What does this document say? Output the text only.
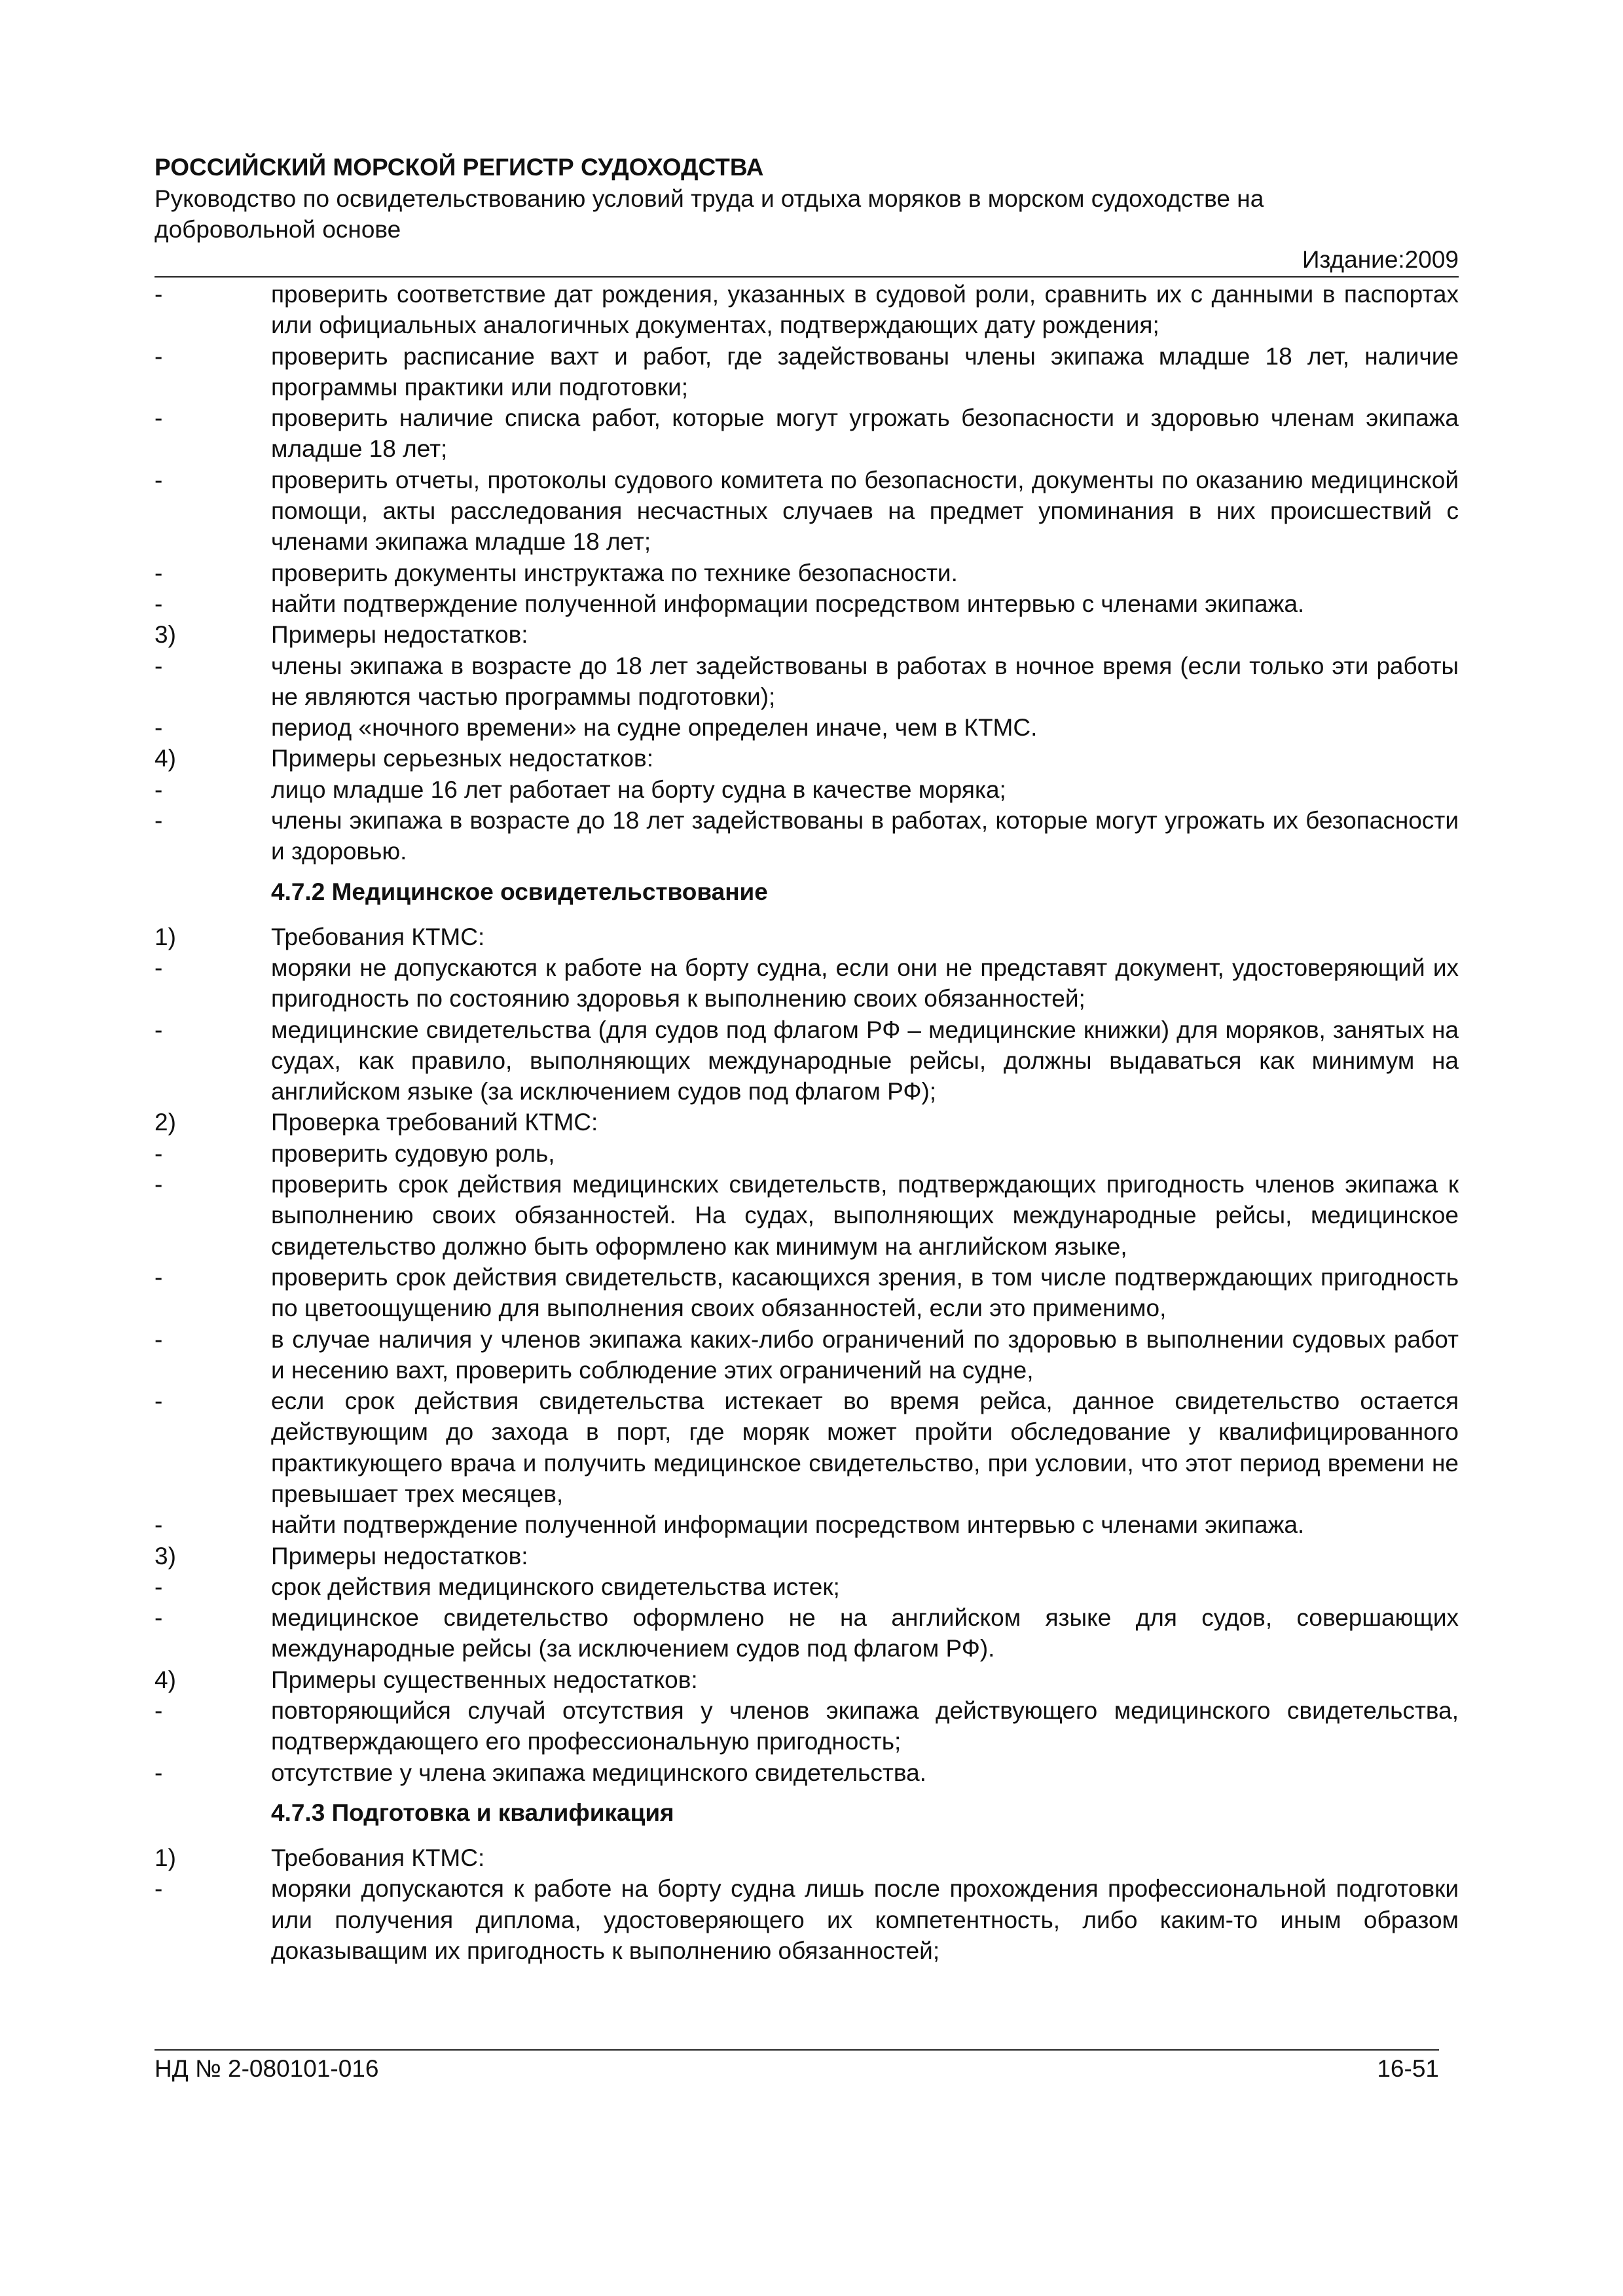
РОССИЙСКИЙ МОРСКОЙ РЕГИСТР СУДОХОДСТВА

Руководство по освидетельствованию условий труда и отдыха моряков в морском судоходстве на

добровольной основе

Издание:2009

-	проверить соответствие дат рождения, указанных в судовой роли, сравнить их с данными в паспортах или официальных аналогичных документах, подтверждающих дату рождения;
-	проверить расписание вахт и работ, где задействованы члены экипажа младше 18 лет, наличие программы практики или подготовки;
-	проверить наличие списка работ, которые могут угрожать безопасности и здоровью членам экипажа младше 18 лет;
-	проверить отчеты, протоколы судового комитета по безопасности, документы по оказанию медицинской помощи, акты расследования несчастных случаев на предмет упоминания в них происшествий с членами экипажа младше 18 лет;
-	проверить документы инструктажа по технике безопасности.
-	найти подтверждение полученной информации посредством интервью с членами экипажа.
3)	Примеры недостатков:
-	члены экипажа в возрасте до 18 лет задействованы в работах в ночное время (если только эти работы не являются частью программы подготовки);
-	период «ночного времени» на судне определен иначе, чем в КТМС.
4)	Примеры серьезных недостатков:
-	лицо младше 16 лет работает на борту судна в качестве моряка;
-	члены экипажа в возрасте до 18 лет задействованы в работах, которые могут угрожать их безопасности и здоровью.
4.7.2 Медицинское освидетельствование
1)	Требования КТМС:
-	моряки не допускаются к работе на борту судна, если они не представят документ, удостоверяющий их пригодность по состоянию здоровья к выполнению своих обязанностей;
-	медицинские свидетельства (для судов под флагом РФ – медицинские книжки) для моряков, занятых на судах, как правило, выполняющих международные рейсы, должны выдаваться как минимум на английском языке (за исключением судов под флагом РФ);
2)	Проверка требований КТМС:
-	проверить судовую роль,
-	проверить срок действия медицинских свидетельств, подтверждающих пригодность членов экипажа к выполнению своих обязанностей. На судах, выполняющих международные рейсы, медицинское свидетельство должно быть оформлено как минимум на английском языке,
-	проверить срок действия свидетельств, касающихся зрения, в том числе подтверждающих пригодность по цветоощущению для выполнения своих обязанностей, если это применимо,
-	в случае наличия у членов экипажа каких-либо ограничений по здоровью в выполнении судовых работ и несению вахт, проверить соблюдение этих ограничений на судне,
-	если срок действия свидетельства истекает во время рейса, данное свидетельство остается действующим до захода в порт, где моряк может пройти обследование у квалифицированного практикующего врача и получить медицинское свидетельство, при условии, что этот период времени не превышает трех месяцев,
-	найти подтверждение полученной информации посредством интервью с членами экипажа.
3)	Примеры недостатков:
-	срок действия медицинского свидетельства истек;
-	медицинское свидетельство оформлено не на английском языке для судов, совершающих международные рейсы (за исключением судов под флагом РФ).
4)	Примеры существенных недостатков:
-	повторяющийся случай отсутствия у членов экипажа действующего медицинского свидетельства, подтверждающего его профессиональную пригодность;
-	отсутствие у члена экипажа медицинского свидетельства.
4.7.3 Подготовка и квалификация
1)	Требования КТМС:
-	моряки допускаются к работе на борту судна лишь после прохождения профессиональной подготовки или получения диплома, удостоверяющего их компетентность, либо каким-то иным образом доказыващим их пригодность к выполнению обязанностей;
НД № 2-080101-016	16-51
